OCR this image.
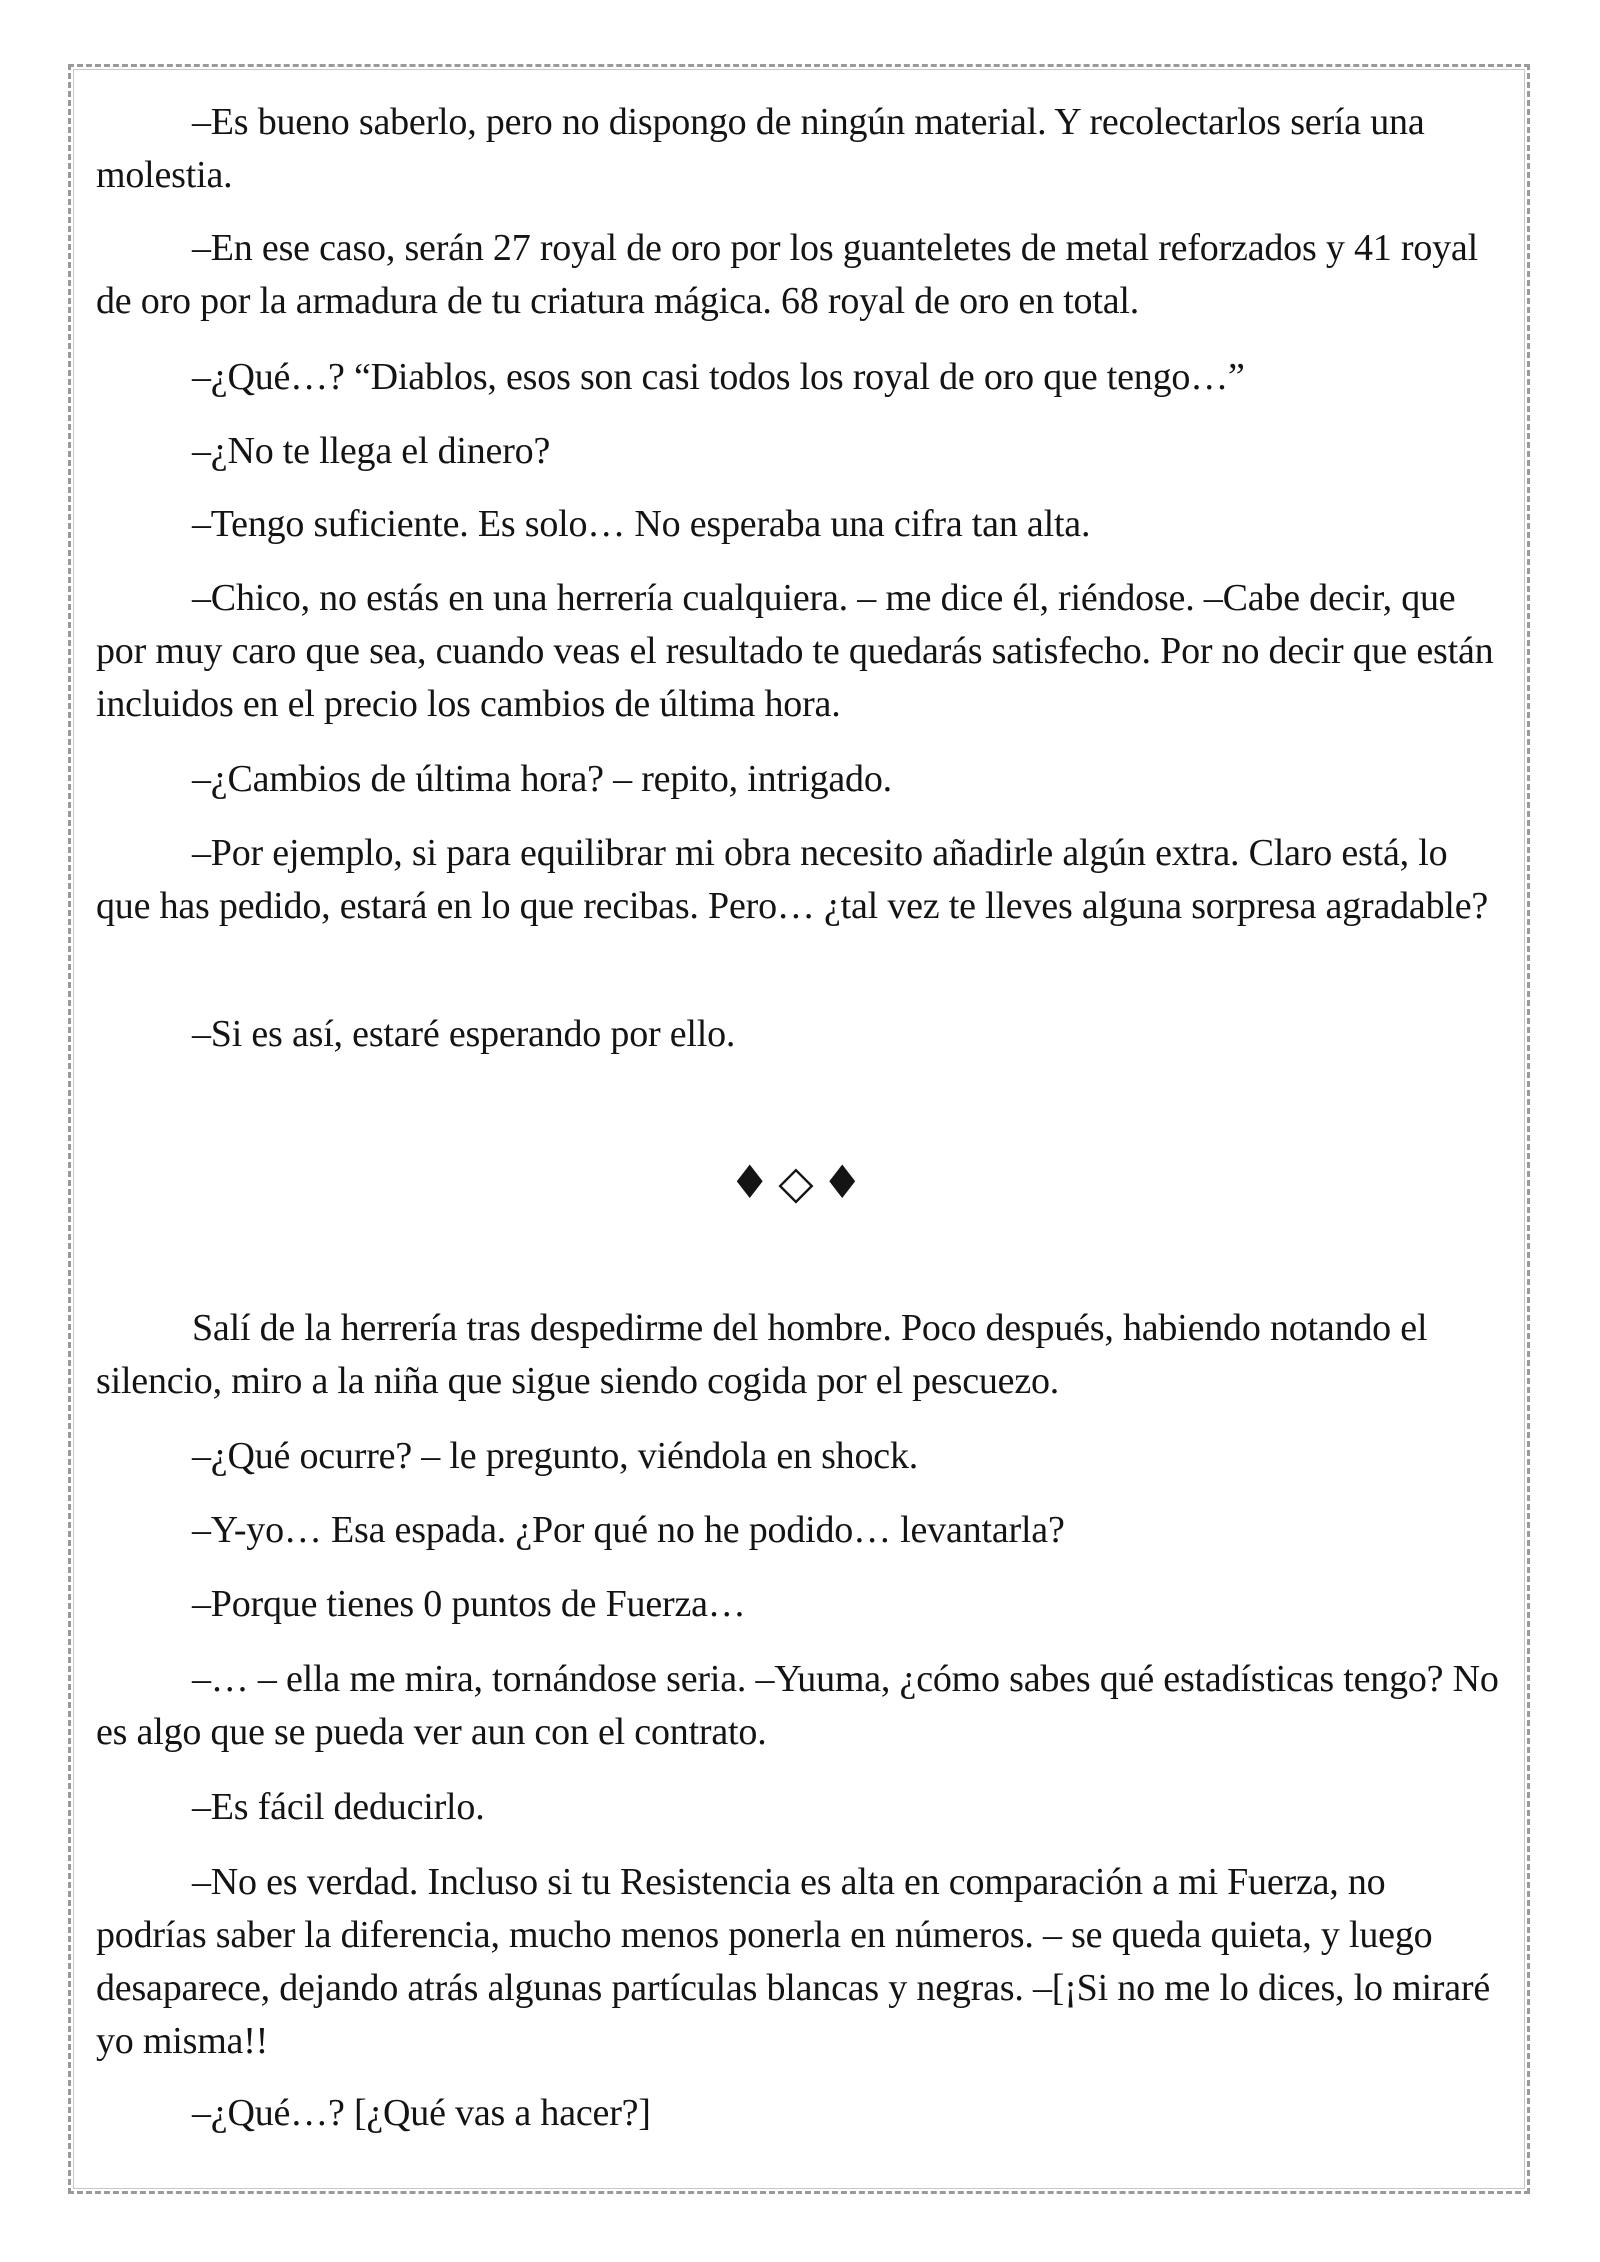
–Es bueno saberlo, pero no dispongo de ningún material. Y recolectarlos sería una molestia.

–En ese caso, serán 27 royal de oro por los guanteletes de metal reforzados y 41 royal de oro por la armadura de tu criatura mágica. 68 royal de oro en total.

–¿Qué…? “Diablos, esos son casi todos los royal de oro que tengo…”

–¿No te llega el dinero?

–Tengo suficiente. Es solo… No esperaba una cifra tan alta.

–Chico, no estás en una herrería cualquiera. – me dice él, riéndose. –Cabe decir, que por muy caro que sea, cuando veas el resultado te quedarás satisfecho. Por no decir que están incluidos en el precio los cambios de última hora.

–¿Cambios de última hora? – repito, intrigado.

–Por ejemplo, si para equilibrar mi obra necesito añadirle algún extra. Claro está, lo que has pedido, estará en lo que recibas. Pero… ¿tal vez te lleves alguna sorpresa agradable?

–Si es así, estaré esperando por ello.

♦◇♦

Salí de la herrería tras despedirme del hombre. Poco después, habiendo notando el silencio, miro a la niña que sigue siendo cogida por el pescuezo.

–¿Qué ocurre? – le pregunto, viéndola en shock.

–Y-yo… Esa espada. ¿Por qué no he podido… levantarla?

–Porque tienes 0 puntos de Fuerza…

–… – ella me mira, tornándose seria. –Yuuma, ¿cómo sabes qué estadísticas tengo? No es algo que se pueda ver aun con el contrato.

–Es fácil deducirlo.

–No es verdad. Incluso si tu Resistencia es alta en comparación a mi Fuerza, no podrías saber la diferencia, mucho menos ponerla en números. – se queda quieta, y luego desaparece, dejando atrás algunas partículas blancas y negras. –[¡Si no me lo dices, lo miraré yo misma!!

–¿Qué…? [¿Qué vas a hacer?]
